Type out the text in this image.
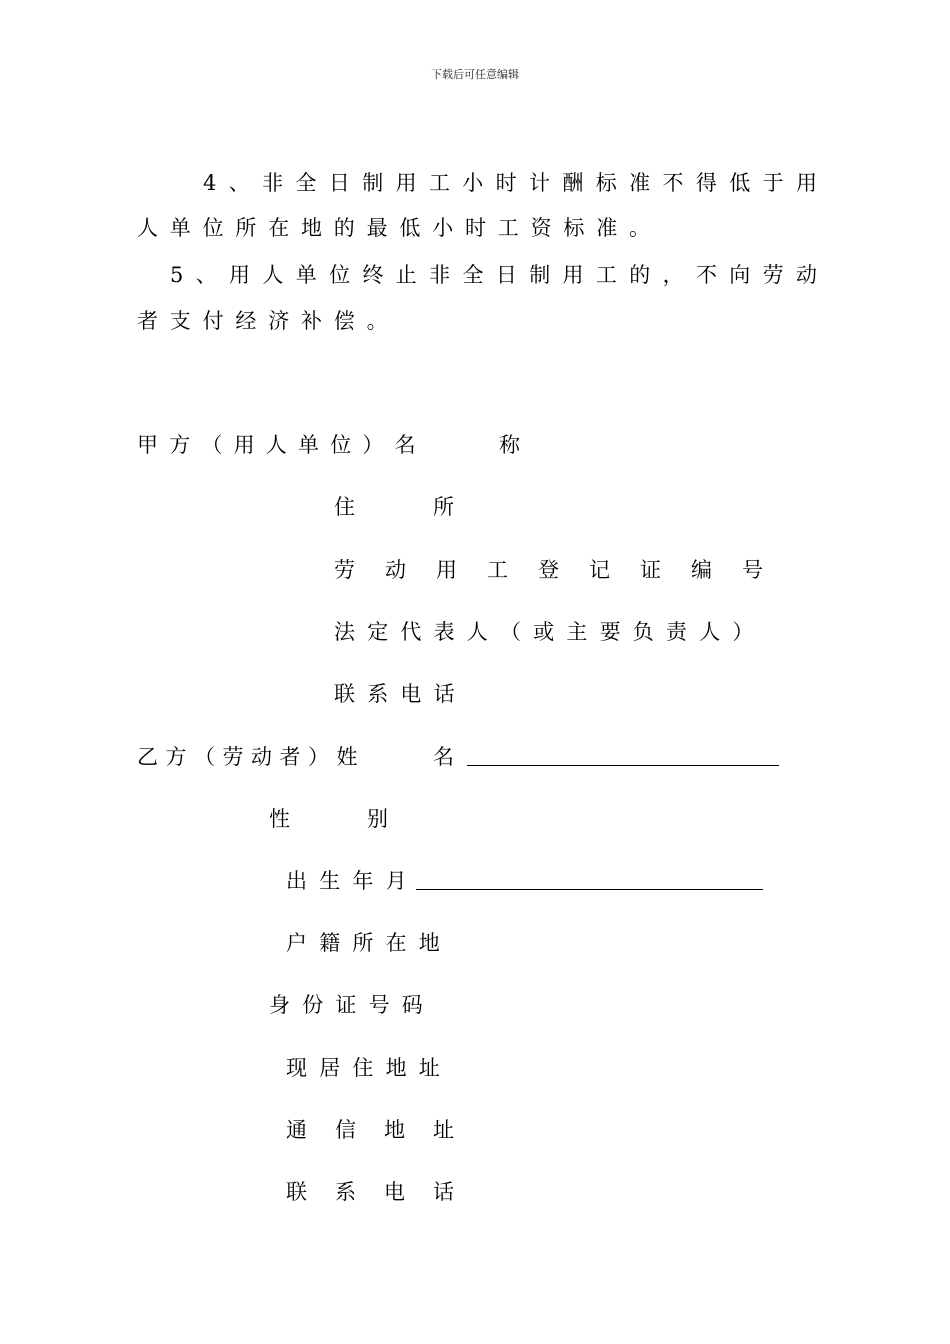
下载后可任意编辑
4、非全日制用工小时计酬标准不得低于用
人单位所在地的最低小时工资标准。
5、用人单位终止非全日制用工的，不向劳动
者支付经济补偿。
甲方（用人单位）名	称
住	所
劳动用工登记证编号
法定代表人（或主要负责人）
联系电话
乙方（劳动者）姓	名
性	别
出生年月
户籍所在地
身份证号码
现居住地址
通信地址
联系电话
